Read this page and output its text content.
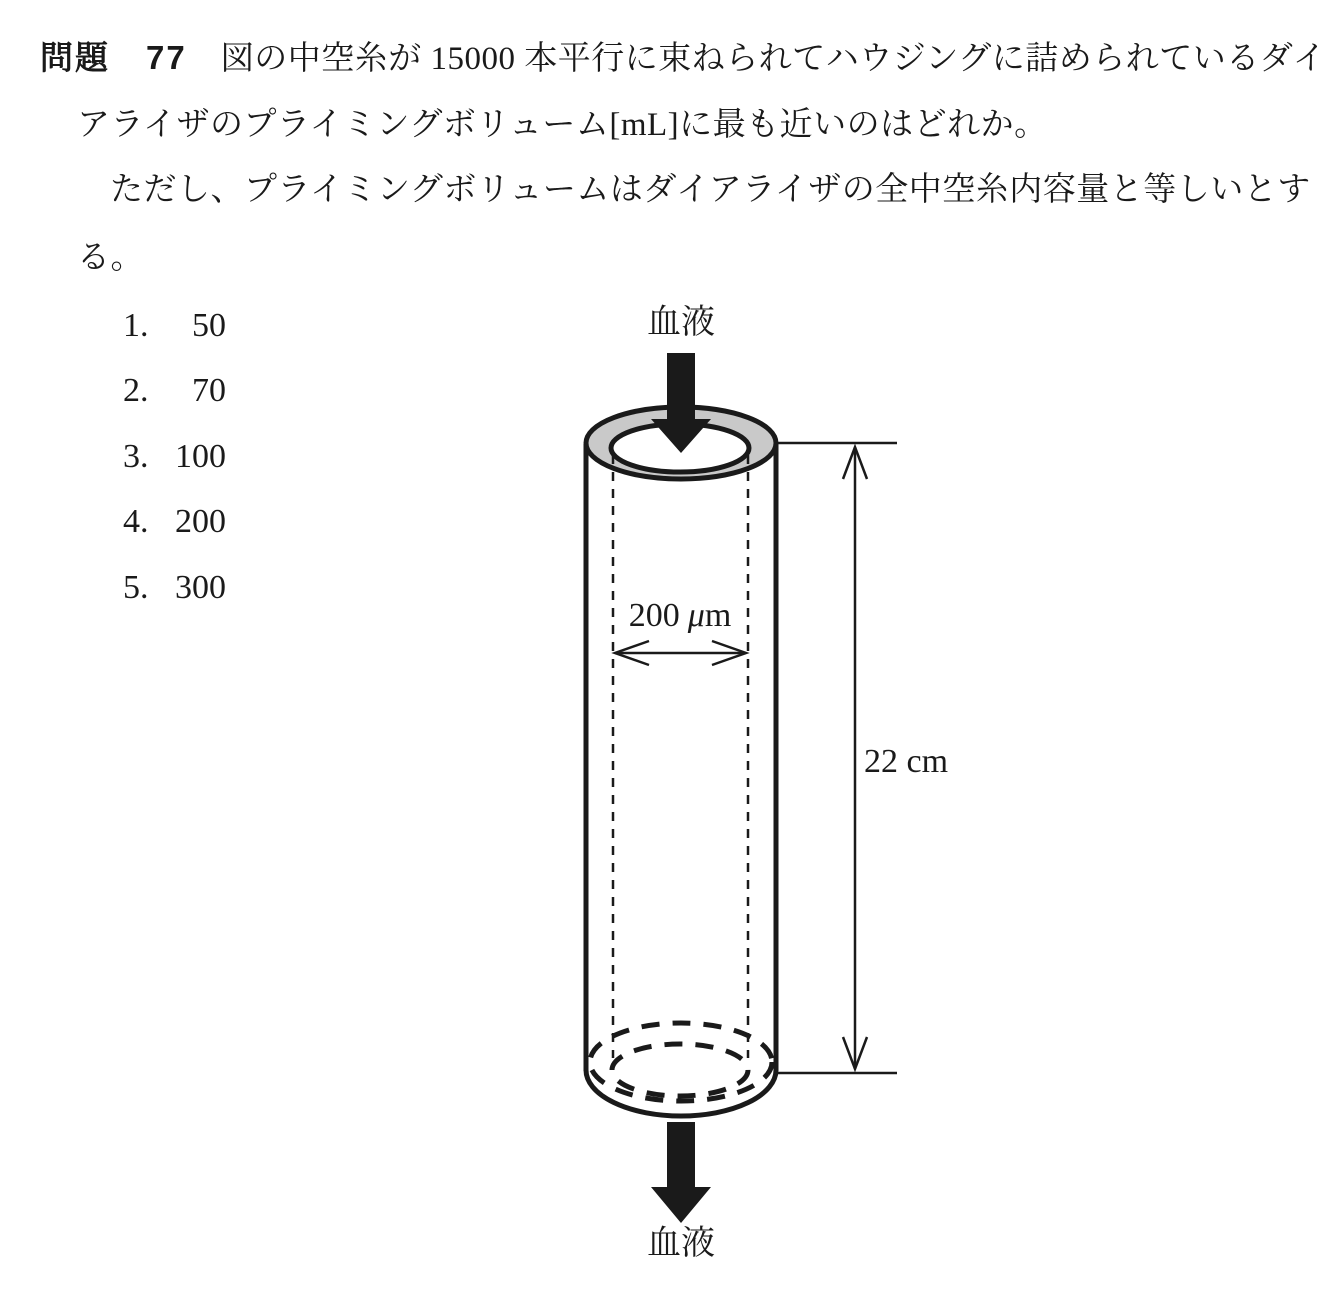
問題 77 図の中空糸が 15000 本平行に束ねられてハウジングに詰められているダイ
アライザのプライミングボリューム[mL]に最も近いのはどれか。
ただし、プライミングボリュームはダイアライザの全中空糸内容量と等しいとす
る。
1. 50
2. 70
3. 100
4. 200
5. 300
血液
200 μm
22 cm
血液
